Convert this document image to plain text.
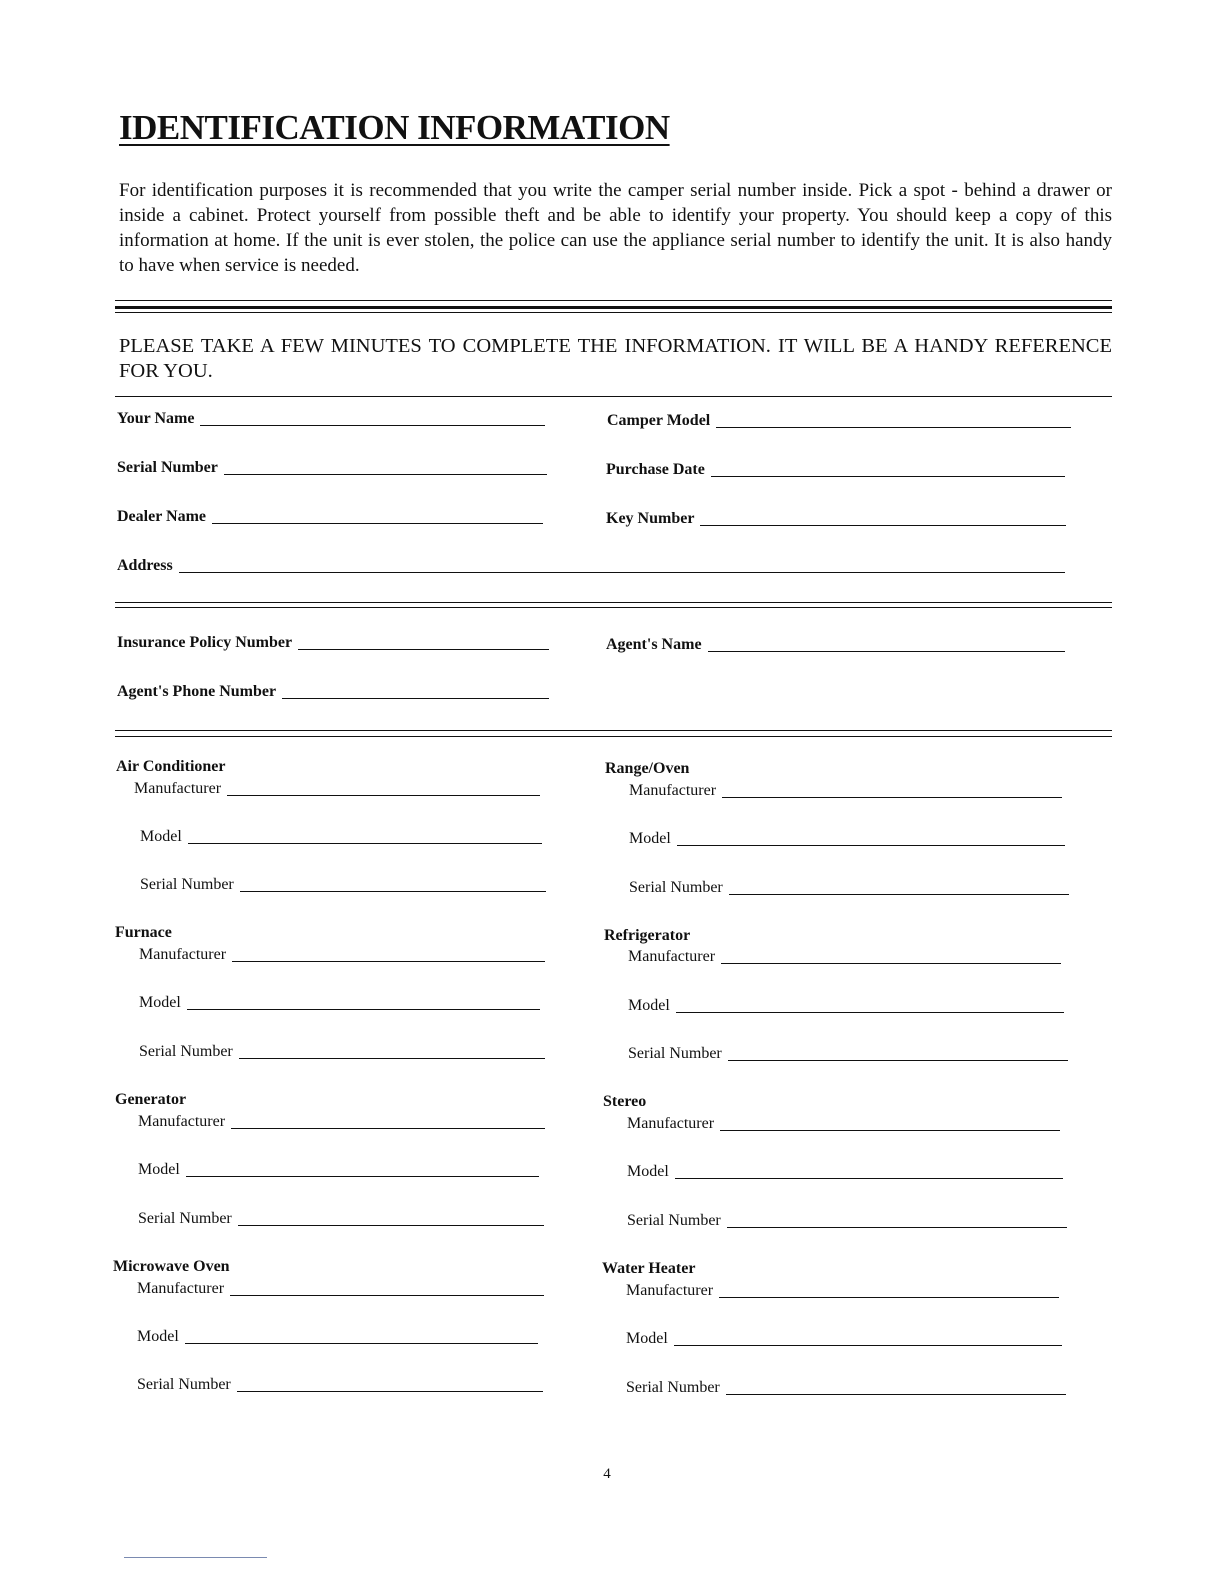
IDENTIFICATION INFORMATION

For identification purposes it is recommended that you write the camper serial number inside. Pick a spot - behind a drawer or inside a cabinet. Protect yourself from possible theft and be able to identify your property. You should keep a copy of this information at home. If the unit is ever stolen, the police can use the appliance serial number to identify the unit. It is also handy to have when service is needed.

PLEASE TAKE A FEW MINUTES TO COMPLETE THE INFORMATION. IT WILL BE A HANDY REFERENCE FOR YOU.

Your Name	Camper Model
Serial Number	Purchase Date
Dealer Name	Key Number
Address
Insurance Policy Number	Agent's Name
Agent's Phone Number
Air Conditioner
Manufacturer
Model
Serial Number
Furnace
Manufacturer
Model
Serial Number
Generator
Manufacturer
Model
Serial Number
Microwave Oven
Manufacturer
Model
Serial Number
Range/Oven
Manufacturer
Model
Serial Number
Refrigerator
Manufacturer
Model
Serial Number
Stereo
Manufacturer
Model
Serial Number
Water Heater
Manufacturer
Model
Serial Number
4
